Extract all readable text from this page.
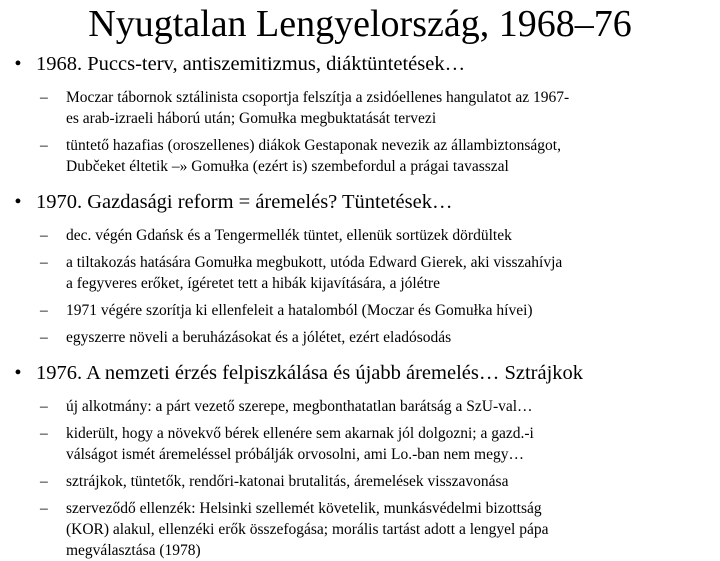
Nyugtalan Lengyelország, 1968–76
• 1968. Puccs-terv, antiszemitizmus, diáktüntetések…
– Moczar tábornok sztálinista csoportja felszítja a zsidóellenes hangulatot az 1967-
es arab-izraeli háború után; Gomułka megbuktatását tervezi
– tüntető hazafias (oroszellenes) diákok Gestaponak nevezik az állambiztonságot,
Dubčeket éltetik –» Gomułka (ezért is) szembefordul a prágai tavasszal
• 1970. Gazdasági reform = áremelés? Tüntetések…
– dec. végén Gdańsk és a Tengermellék tüntet, ellenük sortüzek dördültek
– a tiltakozás hatására Gomułka megbukott, utóda Edward Gierek, aki visszahívja
a fegyveres erőket, ígéretet tett a hibák kijavítására, a jólétre
– 1971 végére szorítja ki ellenfeleit a hatalomból (Moczar és Gomułka hívei)
– egyszerre növeli a beruházásokat és a jólétet, ezért eladósodás
• 1976. A nemzeti érzés felpiszkálása és újabb áremelés… Sztrájkok
– új alkotmány: a párt vezető szerepe, megbonthatatlan barátság a SzU-val…
– kiderült, hogy a növekvő bérek ellenére sem akarnak jól dolgozni; a gazd.-i
válságot ismét áremeléssel próbálják orvosolni, ami Lo.-ban nem megy…
– sztrájkok, tüntetők, rendőri-katonai brutalitás, áremelések visszavonása
– szerveződő ellenzék: Helsinki szellemét követelik, munkásvédelmi bizottság
(KOR) alakul, ellenzéki erők összefogása; morális tartást adott a lengyel pápa
megválasztása (1978)
